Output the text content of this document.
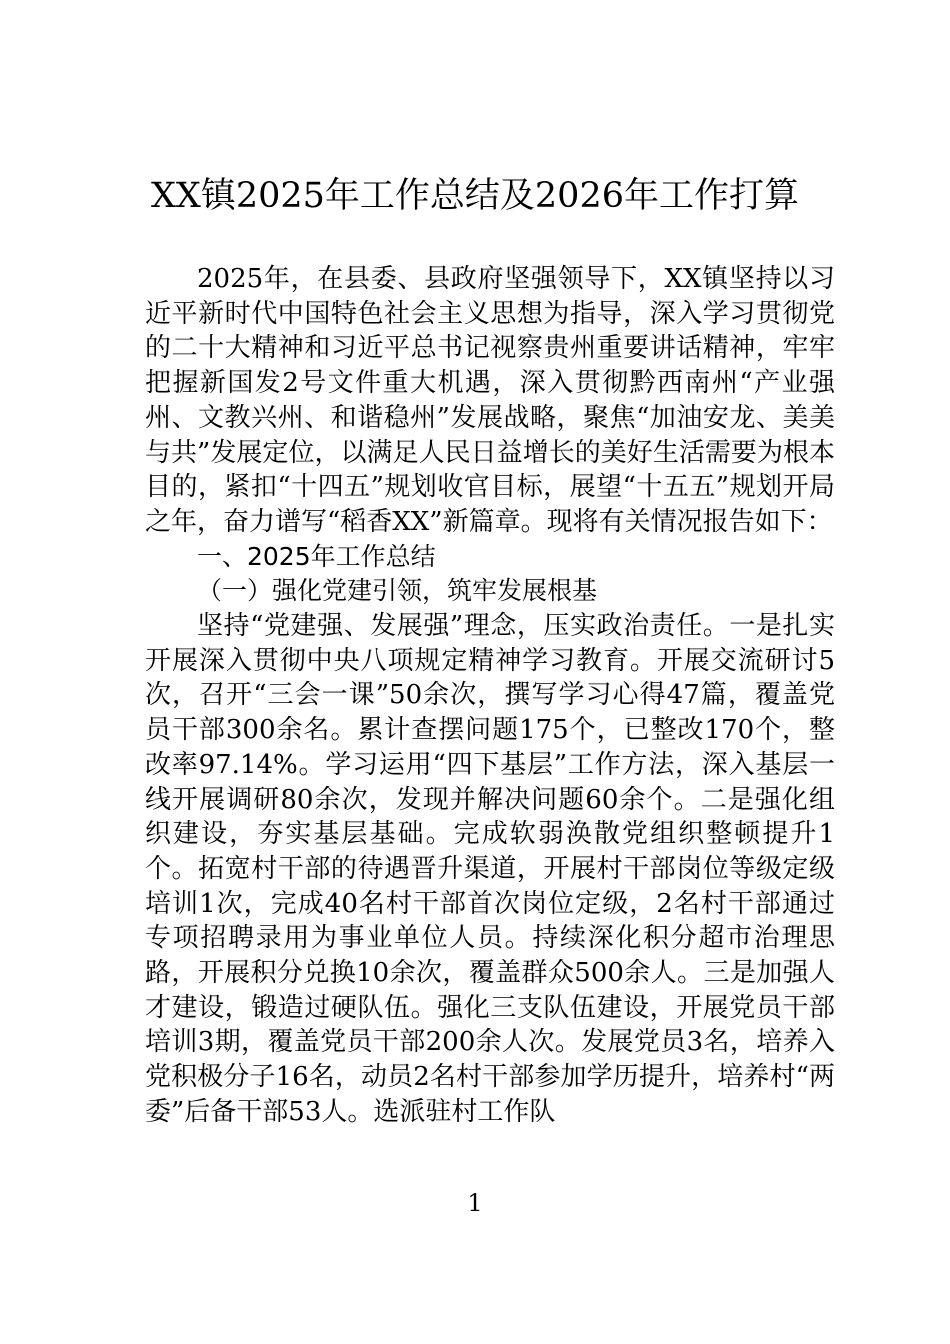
XX镇2025年工作总结及2026年工作打算

2025年，在县委、县政府坚强领导下，XX镇坚持以习近平新时代中国特色社会主义思想为指导，深入学习贯彻党的二十大精神和习近平总书记视察贵州重要讲话精神，牢牢把握新国发2号文件重大机遇，深入贯彻黔西南州“产业强州、文教兴州、和谐稳州”发展战略，聚焦“加油安龙、美美与共”发展定位，以满足人民日益增长的美好生活需要为根本目的，紧扣“十四五”规划收官目标，展望“十五五”规划开局之年，奋力谱写“稻香XX”新篇章。现将有关情况报告如下：

一、2025年工作总结

（一）强化党建引领，筑牢发展根基

坚持“党建强、发展强”理念，压实政治责任。一是扎实开展深入贯彻中央八项规定精神学习教育。开展交流研讨5次，召开“三会一课”50余次，撰写学习心得47篇，覆盖党员干部300余名。累计查摆问题175个，已整改170个，整改率97.14%。学习运用“四下基层”工作方法，深入基层一线开展调研80余次，发现并解决问题60余个。二是强化组织建设，夯实基层基础。完成软弱涣散党组织整顿提升1个。拓宽村干部的待遇晋升渠道，开展村干部岗位等级定级培训1次，完成40名村干部首次岗位定级，2名村干部通过专项招聘录用为事业单位人员。持续深化积分超市治理思路，开展积分兑换10余次，覆盖群众500余人。三是加强人才建设，锻造过硬队伍。强化三支队伍建设，开展党员干部培训3期，覆盖党员干部200余人次。发展党员3名，培养入党积极分子16名，动员2名村干部参加学历提升，培养村“两委”后备干部53人。选派驻村工作队

1
